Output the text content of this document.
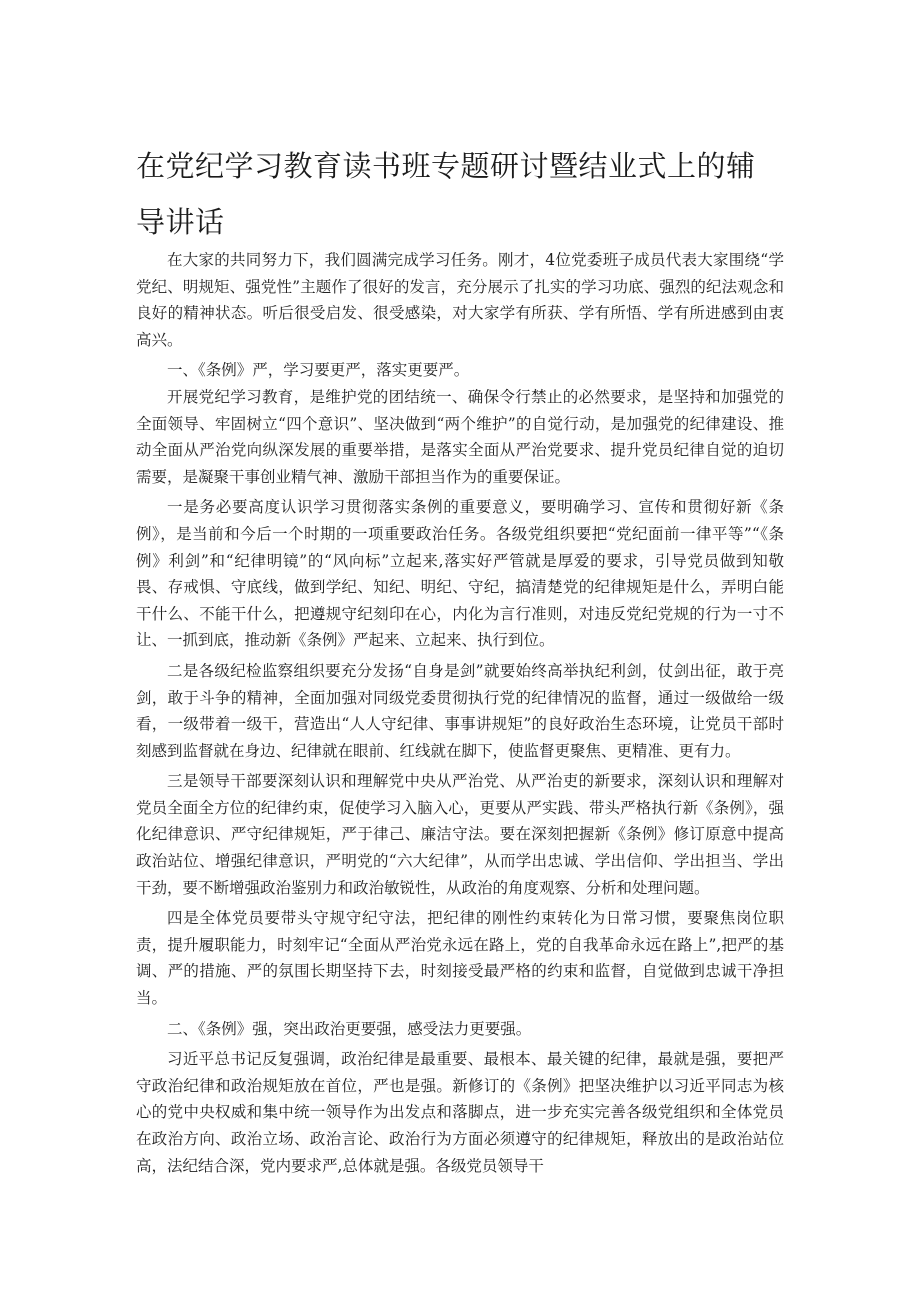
在党纪学习教育读书班专题研讨暨结业式上的辅导讲话

在大家的共同努力下，我们圆满完成学习任务。刚才，4位党委班子成员代表大家围绕“学党纪、明规矩、强党性”主题作了很好的发言，充分展示了扎实的学习功底、强烈的纪法观念和良好的精神状态。听后很受启发、很受感染，对大家学有所获、学有所悟、学有所进感到由衷高兴。

一、《条例》严，学习要更严，落实更要严。

开展党纪学习教育，是维护党的团结统一、确保令行禁止的必然要求，是坚持和加强党的全面领导、牢固树立“四个意识”、坚决做到“两个维护”的自觉行动，是加强党的纪律建设、推动全面从严治党向纵深发展的重要举措，是落实全面从严治党要求、提升党员纪律自觉的迫切需要，是凝聚干事创业精气神、激励干部担当作为的重要保证。

一是务必要高度认识学习贯彻落实条例的重要意义，要明确学习、宣传和贯彻好新《条例》，是当前和今后一个时期的一项重要政治任务。各级党组织要把“党纪面前一律平等”“《条例》利剑”和“纪律明镜”的“风向标”立起来,落实好严管就是厚爱的要求，引导党员做到知敬畏、存戒惧、守底线，做到学纪、知纪、明纪、守纪，搞清楚党的纪律规矩是什么，弄明白能干什么、不能干什么，把遵规守纪刻印在心，内化为言行准则，对违反党纪党规的行为一寸不让、一抓到底，推动新《条例》严起来、立起来、执行到位。

二是各级纪检监察组织要充分发扬“自身是剑”就要始终高举执纪利剑，仗剑出征，敢于亮剑，敢于斗争的精神，全面加强对同级党委贯彻执行党的纪律情况的监督，通过一级做给一级看，一级带着一级干，营造出“人人守纪律、事事讲规矩”的良好政治生态环境，让党员干部时刻感到监督就在身边、纪律就在眼前、红线就在脚下，使监督更聚焦、更精准、更有力。

三是领导干部要深刻认识和理解党中央从严治党、从严治吏的新要求，深刻认识和理解对党员全面全方位的纪律约束，促使学习入脑入心，更要从严实践、带头严格执行新《条例》，强化纪律意识、严守纪律规矩，严于律己、廉洁守法。要在深刻把握新《条例》修订原意中提高政治站位、增强纪律意识，严明党的“六大纪律”，从而学出忠诚、学出信仰、学出担当、学出干劲，要不断增强政治鉴别力和政治敏锐性，从政治的角度观察、分析和处理问题。

四是全体党员要带头守规守纪守法，把纪律的刚性约束转化为日常习惯，要聚焦岗位职责，提升履职能力，时刻牢记“全面从严治党永远在路上，党的自我革命永远在路上”,把严的基调、严的措施、严的氛围长期坚持下去，时刻接受最严格的约束和监督，自觉做到忠诚干净担当。

二、《条例》强，突出政治更要强，感受法力更要强。

习近平总书记反复强调，政治纪律是最重要、最根本、最关键的纪律，最就是强，要把严守政治纪律和政治规矩放在首位，严也是强。新修订的《条例》把坚决维护以习近平同志为核心的党中央权威和集中统一领导作为出发点和落脚点，进一步充实完善各级党组织和全体党员在政治方向、政治立场、政治言论、政治行为方面必须遵守的纪律规矩，释放出的是政治站位高，法纪结合深，党内要求严,总体就是强。各级党员领导干
